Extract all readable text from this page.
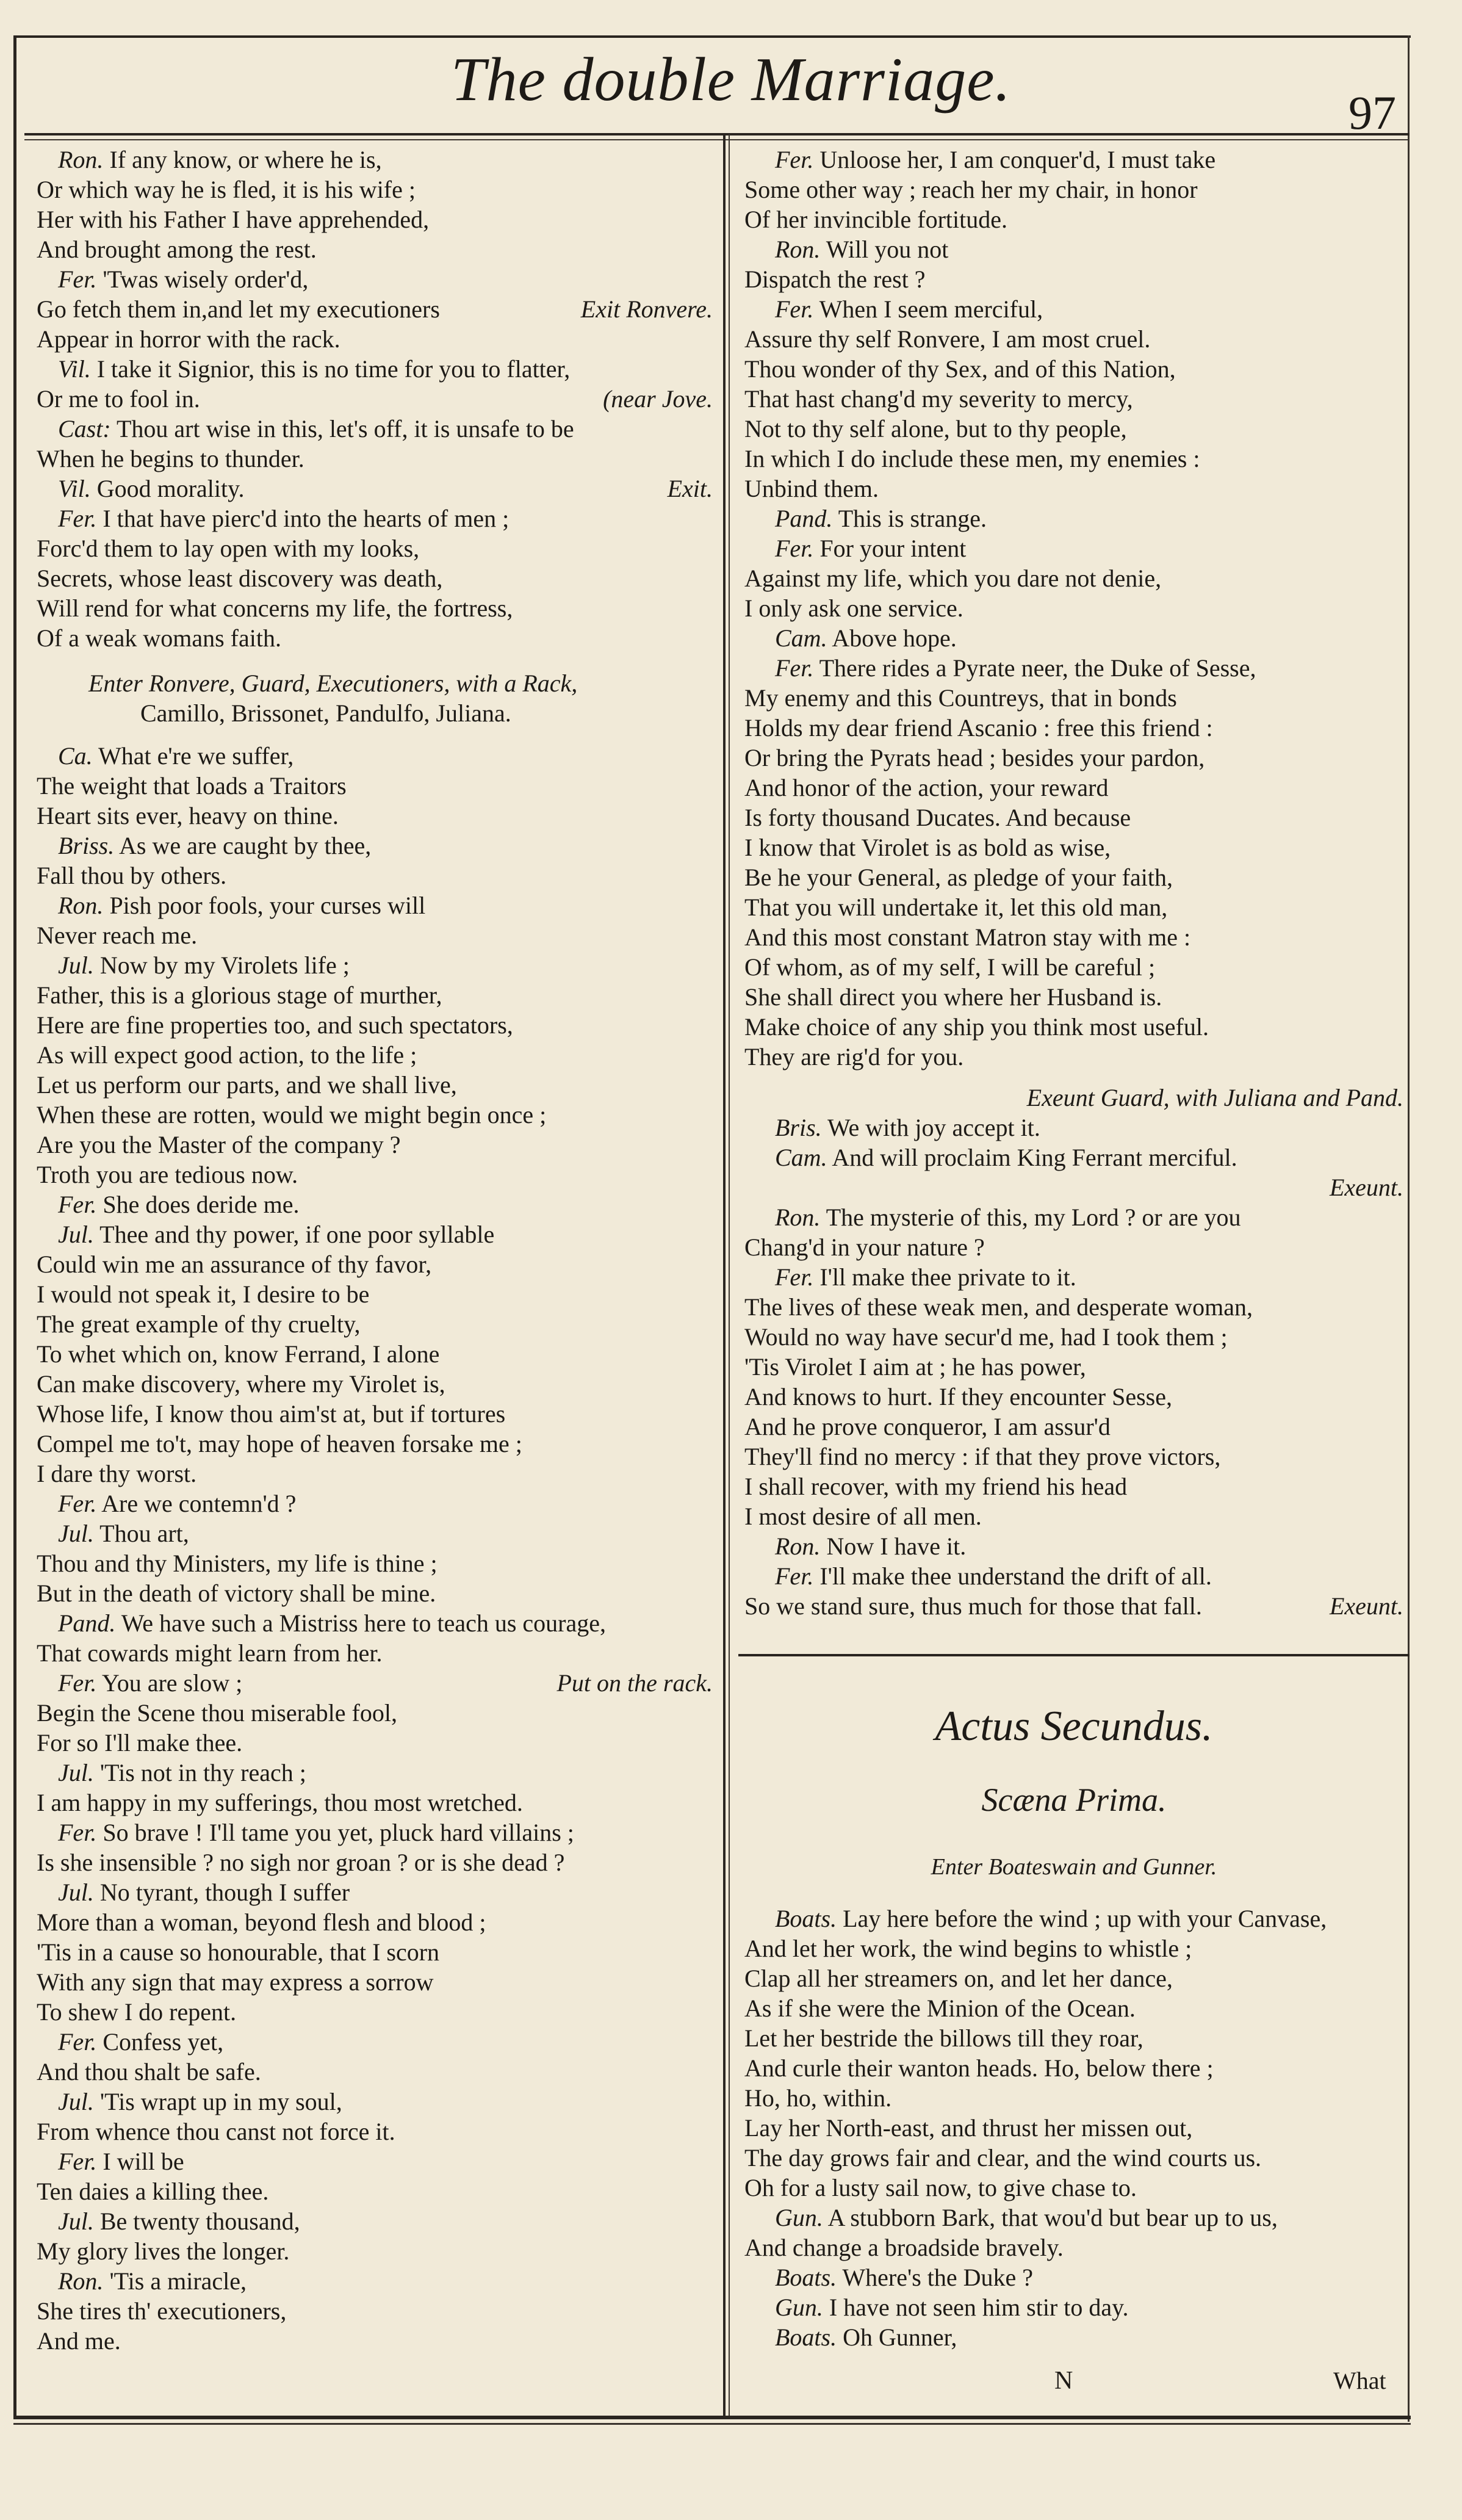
The double Marriage.	97
Ron. If any know, or where he is,
Or which way he is fled, it is his wife ;
Her with his Father I have apprehended,
And brought among the rest.
Fer. 'Twas wisely order'd,
Go fetch them in,and let my executioners	Exit Ronvere.
Appear in horror with the rack.
Vil. I take it Signior, this is no time for you to flatter,
Or me to fool in.	(near Jove.
Cast: Thou art wise in this, let's off, it is unsafe to be
When he begins to thunder.
Vil. Good morality.	Exit.
Fer. I that have pierc'd into the hearts of men ;
Forc'd them to lay open with my looks,
Secrets, whose least discovery was death,
Will rend for what concerns my life, the fortress,
Of a weak womans faith.
Enter Ronvere, Guard, Executioners, with a Rack,
Camillo, Brissonet, Pandulfo, Juliana.
Ca. What e're we suffer,
The weight that loads a Traitors
Heart sits ever, heavy on thine.
Briss. As we are caught by thee,
Fall thou by others.
Ron. Pish poor fools, your curses will
Never reach me.
Jul. Now by my Virolets life ;
Father, this is a glorious stage of murther,
Here are fine properties too, and such spectators,
As will expect good action, to the life ;
Let us perform our parts, and we shall live,
When these are rotten, would we might begin once ;
Are you the Master of the company ?
Troth you are tedious now.
Fer. She does deride me.
Jul. Thee and thy power, if one poor syllable
Could win me an assurance of thy favor,
I would not speak it, I desire to be
The great example of thy cruelty,
To whet which on, know Ferrand, I alone
Can make discovery, where my Virolet is,
Whose life, I know thou aim'st at, but if tortures
Compel me to't, may hope of heaven forsake me ;
I dare thy worst.
Fer. Are we contemn'd ?
Jul. Thou art,
Thou and thy Ministers, my life is thine ;
But in the death of victory shall be mine.
Pand. We have such a Mistriss here to teach us courage,
That cowards might learn from her.
Fer. You are slow ;	Put on the rack.
Begin the Scene thou miserable fool,
For so I'll make thee.
Jul. 'Tis not in thy reach ;
I am happy in my sufferings, thou most wretched.
Fer. So brave ! I'll tame you yet, pluck hard villains ;
Is she insensible ? no sigh nor groan ? or is she dead ?
Jul. No tyrant, though I suffer
More than a woman, beyond flesh and blood ;
'Tis in a cause so honourable, that I scorn
With any sign that may express a sorrow
To shew I do repent.
Fer. Confess yet,
And thou shalt be safe.
Jul. 'Tis wrapt up in my soul,
From whence thou canst not force it.
Fer. I will be
Ten daies a killing thee.
Jul. Be twenty thousand,
My glory lives the longer.
Ron. 'Tis a miracle,
She tires th' executioners,
And me.
Fer. Unloose her, I am conquer'd, I must take
Some other way ; reach her my chair, in honor
Of her invincible fortitude.
Ron. Will you not
Dispatch the rest ?
Fer. When I seem merciful,
Assure thy self Ronvere, I am most cruel.
Thou wonder of thy Sex, and of this Nation,
That hast chang'd my severity to mercy,
Not to thy self alone, but to thy people,
In which I do include these men, my enemies :
Unbind them.
Pand. This is strange.
Fer. For your intent
Against my life, which you dare not denie,
I only ask one service.
Cam. Above hope.
Fer. There rides a Pyrate neer, the Duke of Sesse,
My enemy and this Countreys, that in bonds
Holds my dear friend Ascanio : free this friend :
Or bring the Pyrats head ; besides your pardon,
And honor of the action, your reward
Is forty thousand Ducates. And because
I know that Virolet is as bold as wise,
Be he your General, as pledge of your faith,
That you will undertake it, let this old man,
And this most constant Matron stay with me :
Of whom, as of my self, I will be careful ;
She shall direct you where her Husband is.
Make choice of any ship you think most useful.
They are rig'd for you.
Exeunt Guard, with Juliana and Pand.
Bris. We with joy accept it.
Cam. And will proclaim King Ferrant merciful.
Exeunt.
Ron. The mysterie of this, my Lord ? or are you
Chang'd in your nature ?
Fer. I'll make thee private to it.
The lives of these weak men, and desperate woman,
Would no way have secur'd me, had I took them ;
'Tis Virolet I aim at ; he has power,
And knows to hurt. If they encounter Sesse,
And he prove conqueror, I am assur'd
They'll find no mercy : if that they prove victors,
I shall recover, with my friend his head
I most desire of all men.
Ron. Now I have it.
Fer. I'll make thee understand the drift of all.
So we stand sure, thus much for those that fall.	Exeunt.
Boats. Lay here before the wind ; up with your Canvase,
And let her work, the wind begins to whistle ;
Clap all her streamers on, and let her dance,
As if she were the Minion of the Ocean.
Let her bestride the billows till they roar,
And curle their wanton heads. Ho, below there ;
Ho, ho, within.
Lay her North-east, and thrust her missen out,
The day grows fair and clear, and the wind courts us.
Oh for a lusty sail now, to give chase to.
Gun. A stubborn Bark, that wou'd but bear up to us,
And change a broadside bravely.
Boats. Where's the Duke ?
Gun. I have not seen him stir to day.
Boats. Oh Gunner,
Actus Secundus.
Scæna Prima.
Enter Boateswain and Gunner.
N	What
